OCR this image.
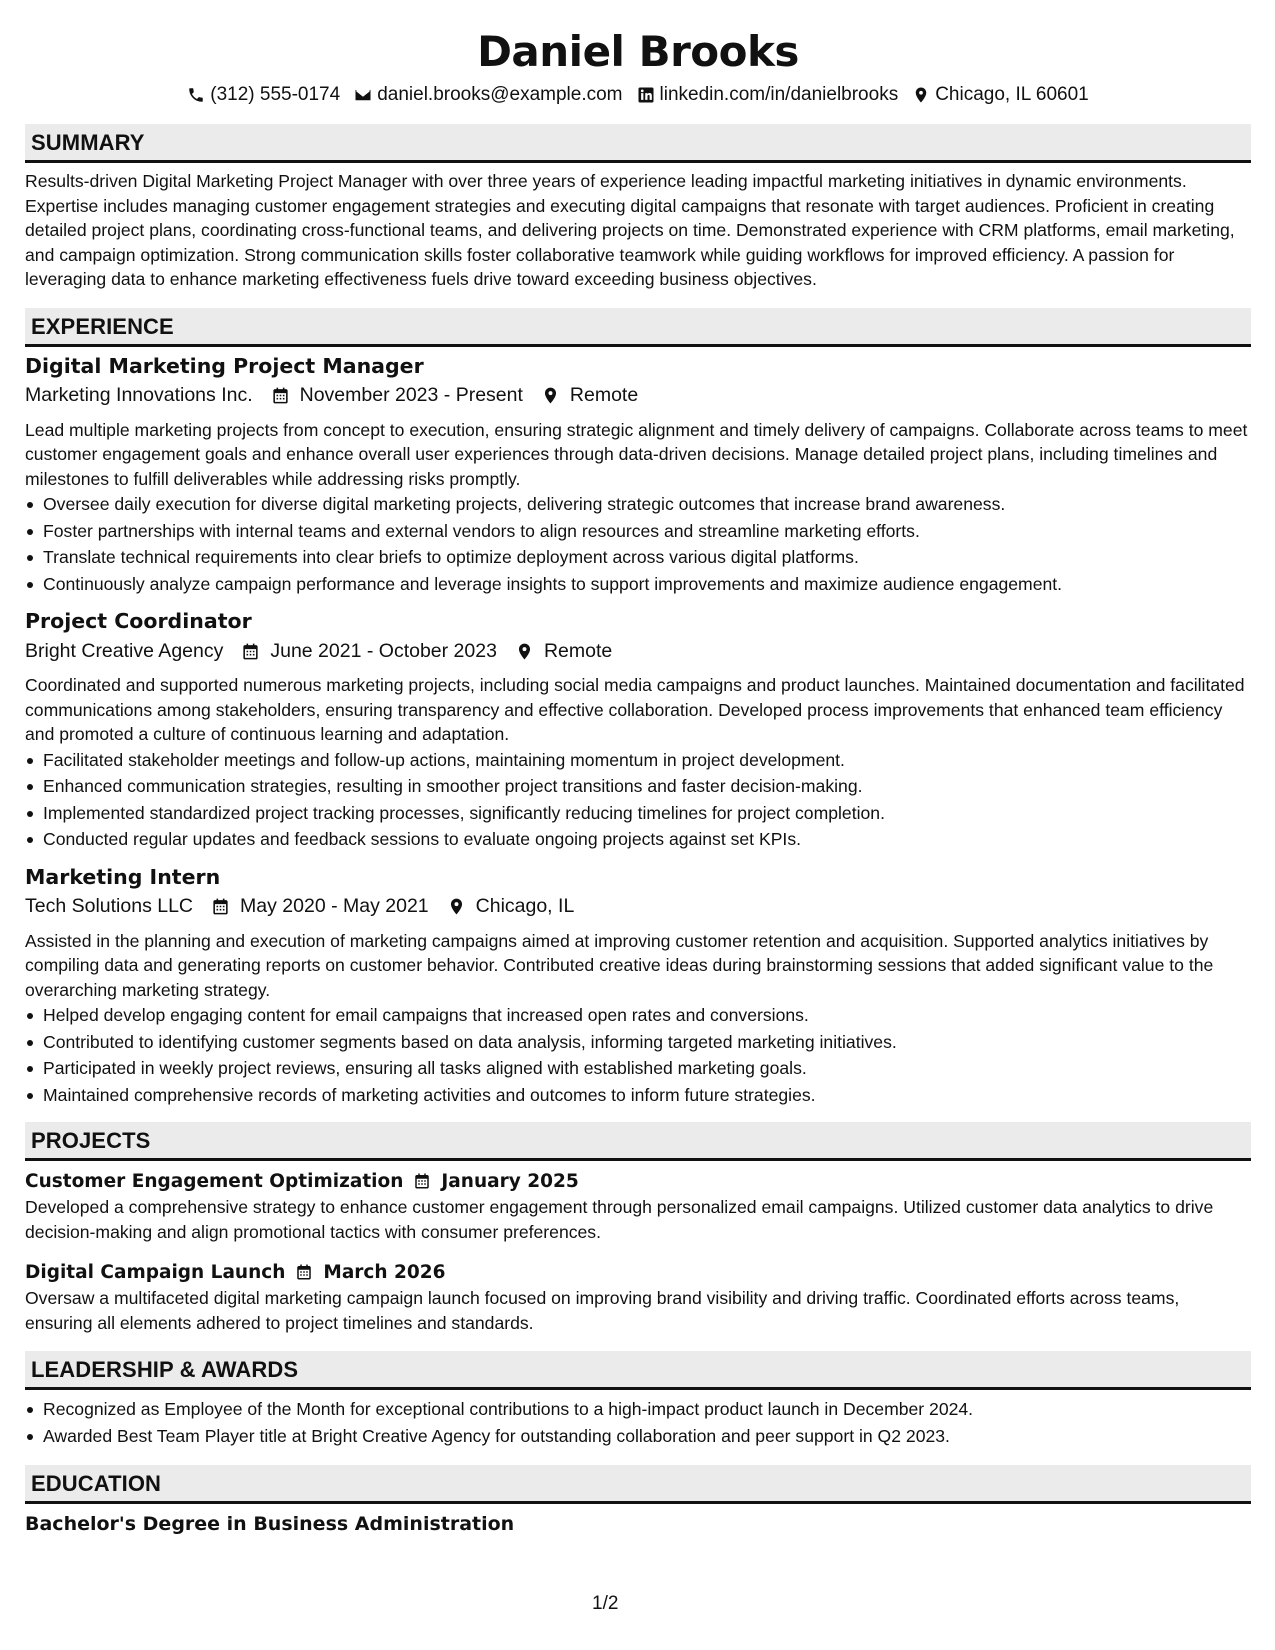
Daniel Brooks
(312) 555-0174 daniel.brooks@example.com linkedin.com/in/danielbrooks Chicago, IL 60601
SUMMARY
Results-driven Digital Marketing Project Manager with over three years of experience leading impactful marketing initiatives in dynamic environments. Expertise includes managing customer engagement strategies and executing digital campaigns that resonate with target audiences. Proficient in creating detailed project plans, coordinating cross-functional teams, and delivering projects on time. Demonstrated experience with CRM platforms, email marketing, and campaign optimization. Strong communication skills foster collaborative teamwork while guiding workflows for improved efficiency. A passion for leveraging data to enhance marketing effectiveness fuels drive toward exceeding business objectives.
EXPERIENCE
Digital Marketing Project Manager
Marketing Innovations Inc. November 2023 - Present Remote
Lead multiple marketing projects from concept to execution, ensuring strategic alignment and timely delivery of campaigns. Collaborate across teams to meet customer engagement goals and enhance overall user experiences through data-driven decisions. Manage detailed project plans, including timelines and milestones to fulfill deliverables while addressing risks promptly.
Oversee daily execution for diverse digital marketing projects, delivering strategic outcomes that increase brand awareness.
Foster partnerships with internal teams and external vendors to align resources and streamline marketing efforts.
Translate technical requirements into clear briefs to optimize deployment across various digital platforms.
Continuously analyze campaign performance and leverage insights to support improvements and maximize audience engagement.
Project Coordinator
Bright Creative Agency June 2021 - October 2023 Remote
Coordinated and supported numerous marketing projects, including social media campaigns and product launches. Maintained documentation and facilitated communications among stakeholders, ensuring transparency and effective collaboration. Developed process improvements that enhanced team efficiency and promoted a culture of continuous learning and adaptation.
Facilitated stakeholder meetings and follow-up actions, maintaining momentum in project development.
Enhanced communication strategies, resulting in smoother project transitions and faster decision-making.
Implemented standardized project tracking processes, significantly reducing timelines for project completion.
Conducted regular updates and feedback sessions to evaluate ongoing projects against set KPIs.
Marketing Intern
Tech Solutions LLC May 2020 - May 2021 Chicago, IL
Assisted in the planning and execution of marketing campaigns aimed at improving customer retention and acquisition. Supported analytics initiatives by compiling data and generating reports on customer behavior. Contributed creative ideas during brainstorming sessions that added significant value to the overarching marketing strategy.
Helped develop engaging content for email campaigns that increased open rates and conversions.
Contributed to identifying customer segments based on data analysis, informing targeted marketing initiatives.
Participated in weekly project reviews, ensuring all tasks aligned with established marketing goals.
Maintained comprehensive records of marketing activities and outcomes to inform future strategies.
PROJECTS
Customer Engagement Optimization January 2025
Developed a comprehensive strategy to enhance customer engagement through personalized email campaigns. Utilized customer data analytics to drive decision-making and align promotional tactics with consumer preferences.
Digital Campaign Launch March 2026
Oversaw a multifaceted digital marketing campaign launch focused on improving brand visibility and driving traffic. Coordinated efforts across teams, ensuring all elements adhered to project timelines and standards.
LEADERSHIP & AWARDS
Recognized as Employee of the Month for exceptional contributions to a high-impact product launch in December 2024.
Awarded Best Team Player title at Bright Creative Agency for outstanding collaboration and peer support in Q2 2023.
EDUCATION
Bachelor's Degree in Business Administration
1/2
